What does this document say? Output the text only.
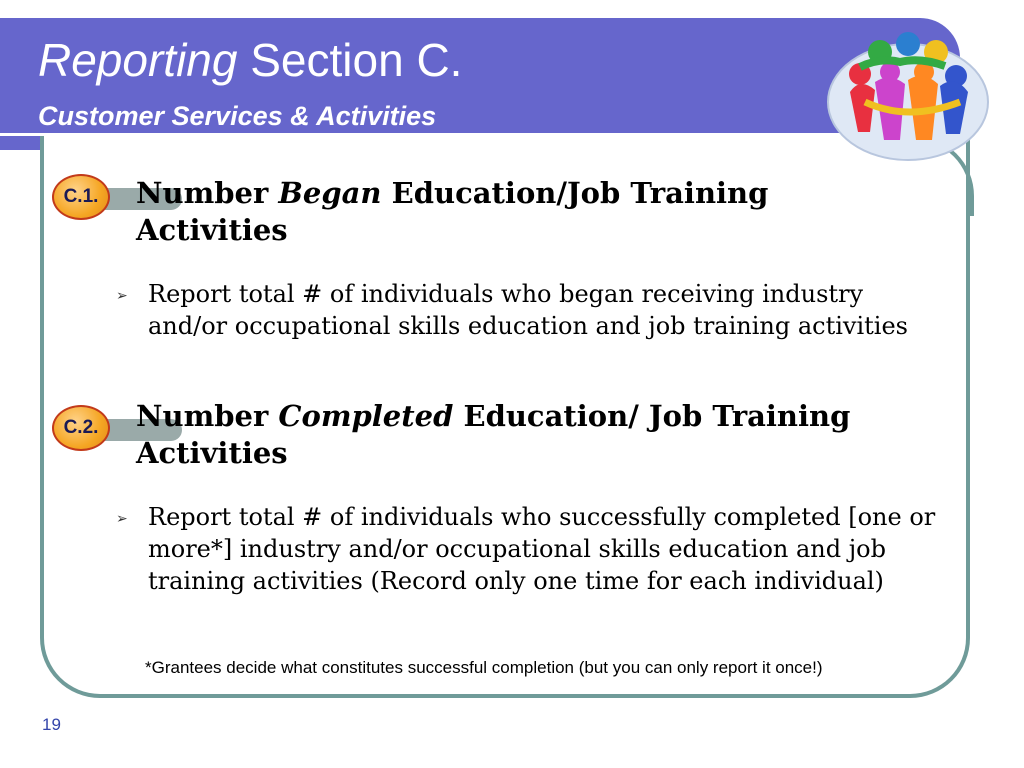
Reporting Section C.
Customer Services & Activities
C.1.	Number Began Education/Job Training Activities
➢ Report total # of individuals who began receiving industry and/or occupational skills education and job training activities
C.2.	Number Completed Education/ Job Training Activities
➢ Report total # of individuals who successfully completed [one or more*] industry and/or occupational skills education and job training activities (Record only one time for each individual)
*Grantees decide what constitutes successful completion (but you can only report it once!)
19
